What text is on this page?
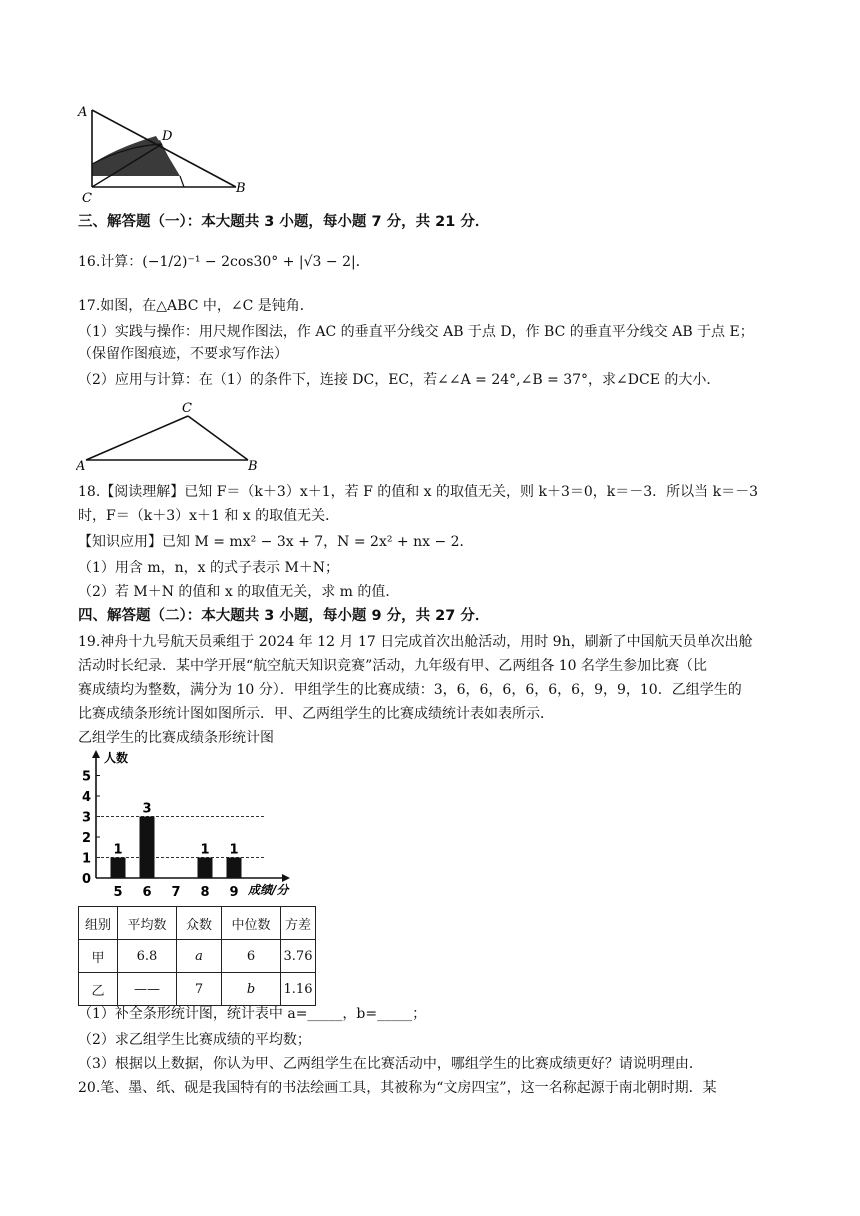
A
D
C
B
三、解答题（一）：本大题共 3 小题，每小题 7 分，共 21 分．
16.计算：(−1/2)⁻¹ − 2cos30° + |√3 − 2|．
17.如图，在△ABC 中，∠C 是钝角．
（1）实践与操作：用尺规作图法，作 AC 的垂直平分线交 AB 于点 D，作 BC 的垂直平分线交 AB 于点 E；
（保留作图痕迹，不要求写作法）
（2）应用与计算：在（1）的条件下，连接 DC，EC，若∠∠A = 24°,∠B = 37°，求∠DCE 的大小．
C
A	B
18.【阅读理解】已知 F＝（k＋3）x＋1，若 F 的值和 x 的取值无关，则 k＋3＝0，k＝－3．所以当 k＝－3
时，F＝（k＋3）x＋1 和 x 的取值无关．
【知识应用】已知 M = mx² − 3x + 7，N = 2x² + nx − 2．
（1）用含 m，n，x 的式子表示 M＋N；
（2）若 M＋N 的值和 x 的取值无关，求 m 的值．
四、解答题（二）：本大题共 3 小题，每小题 9 分，共 27 分．
19.神舟十九号航天员乘组于 2024 年 12 月 17 日完成首次出舱活动，用时 9h，刷新了中国航天员单次出舱
活动时长纪录．某中学开展“航空航天知识竞赛”活动，九年级有甲、乙两组各 10 名学生参加比赛（比
赛成绩均为整数，满分为 10 分）．甲组学生的比赛成绩：3，6，6，6，6，6，6，9，9，10．乙组学生的
比赛成绩条形统计图如图所示．甲、乙两组学生的比赛成绩统计表如表所示．
乙组学生的比赛成绩条形统计图
0
1
2
3
4
5
1
5
3
6 7
1
8
1
9
人数
成绩/分
组别	平均数	众数	中位数	方差
甲	6.8	a	6	3.76
乙	——	7	b	1.16
（1）补全条形统计图，统计表中 a=_____，b=_____；
（2）求乙组学生比赛成绩的平均数；
（3）根据以上数据，你认为甲、乙两组学生在比赛活动中，哪组学生的比赛成绩更好？请说明理由．
20.笔、墨、纸、砚是我国特有的书法绘画工具，其被称为“文房四宝”，这一名称起源于南北朝时期．某
